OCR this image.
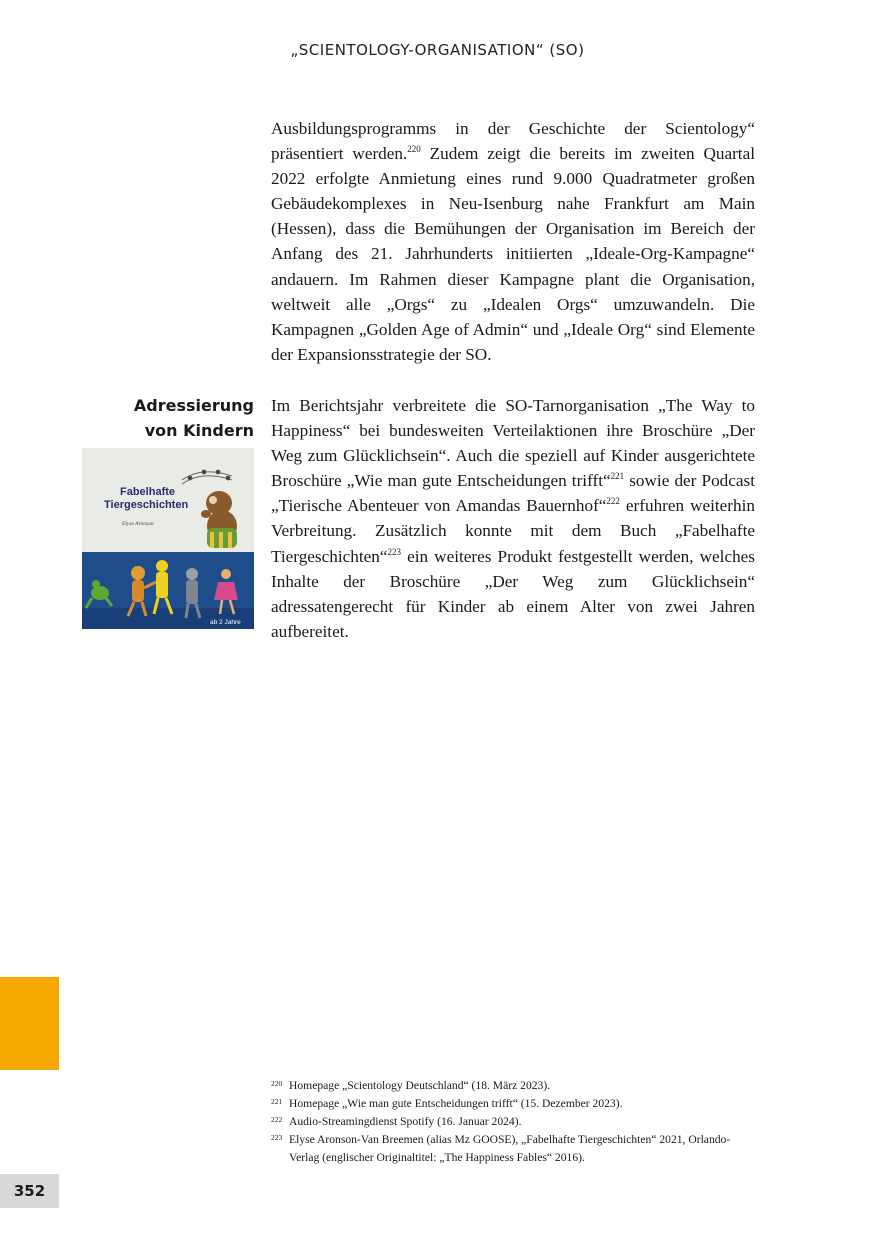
„SCIENTOLOGY-ORGANISATION“ (SO)

Ausbildungsprogramms in der Geschichte der Scientology“ präsentiert werden.$^{220}$ Zudem zeigt die bereits im zweiten Quartal 2022 erfolgte Anmietung eines rund 9.000 Quadratmeter großen Gebäudekomplexes in Neu-Isenburg nahe Frankfurt am Main (Hessen), dass die Bemühungen der Organisation im Bereich der Anfang des 21. Jahrhunderts initiierten „Ideale-Org-Kampagne“ andauern. Im Rahmen dieser Kampagne plant die Organisation, weltweit alle „Orgs“ zu „Idealen Orgs“ umzuwandeln. Die Kampagnen „Golden Age of Admin“ und „Ideale Org“ sind Elemente der Expansionsstrategie der SO.

Adressierung
von Kindern
Fabelhafte
Tiergeschichten
Elyse Aronson
ab 2 Jahre

Im Berichtsjahr verbreitete die SO-Tarnorganisation „The Way to Happiness“ bei bundesweiten Verteilaktionen ihre Broschüre „Der Weg zum Glücklichsein“. Auch die speziell auf Kinder ausgerichtete Broschüre „Wie man gute Entscheidungen trifft“$^{221}$ sowie der Podcast „Tierische Abenteuer von Amandas Bauernhof“$^{222}$ erfuhren weiterhin Verbreitung. Zusätzlich konnte mit dem Buch „Fabelhafte Tiergeschichten“$^{223}$ ein weiteres Produkt festgestellt werden, welches Inhalte der Broschüre „Der Weg zum Glücklichsein“ adressatengerecht für Kinder ab einem Alter von zwei Jahren aufbereitet.

220 Homepage „Scientology Deutschland“ (18. März 2023).
221 Homepage „Wie man gute Entscheidungen trifft“ (15. Dezember 2023).
222 Audio-Streamingdienst Spotify (16. Januar 2024).
223 Elyse Aronson-Van Breemen (alias Mz GOOSE), „Fabelhafte Tiergeschichten“ 2021, Orlando-Verlag (englischer Originaltitel: „The Happiness Fables“ 2016).
352
